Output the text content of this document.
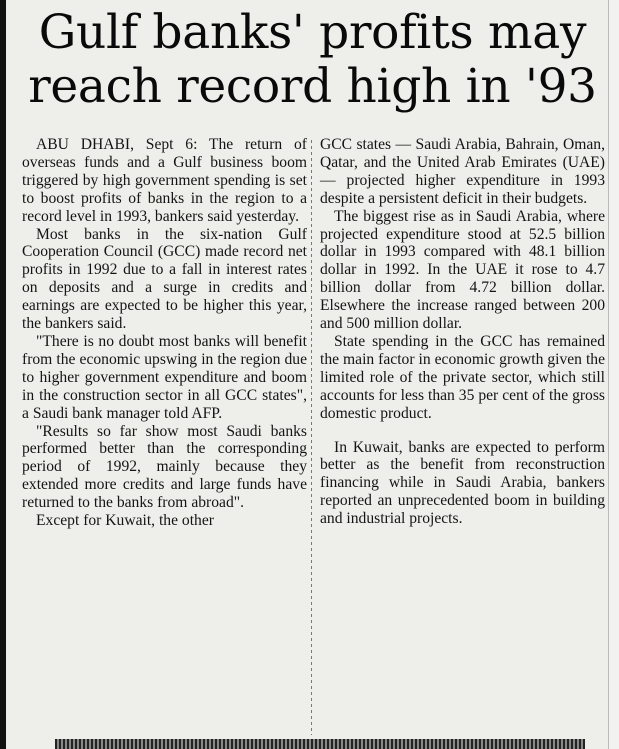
Gulf banks' profits may
reach record high in '93

ABU DHABI, Sept 6: The return of overseas funds and a Gulf business boom triggered by high government spending is set to boost profits of banks in the region to a record level in 1993, bankers said yesterday.

Most banks in the six-nation Gulf Cooperation Council (GCC) made record net profits in 1992 due to a fall in interest rates on deposits and a surge in credits and earnings are expected to be higher this year, the bankers said.

"There is no doubt most banks will benefit from the economic upswing in the region due to higher government expenditure and boom in the construction sector in all GCC states", a Saudi bank manager told AFP.

"Results so far show most Saudi banks performed better than the corresponding period of 1992, mainly because they extended more credits and large funds have returned to the banks from abroad".

Except for Kuwait, the other

GCC states — Saudi Arabia, Bahrain, Oman, Qatar, and the United Arab Emirates (UAE) — projected higher expenditure in 1993 despite a persistent deficit in their budgets.

The biggest rise as in Saudi Arabia, where projected expenditure stood at 52.5 billion dollar in 1993 compared with 48.1 billion dollar in 1992. In the UAE it rose to 4.7 billion dollar from 4.72 billion dollar. Elsewhere the increase ranged between 200 and 500 million dollar.

State spending in the GCC has remained the main factor in economic growth given the limited role of the private sector, which still accounts for less than 35 per cent of the gross domestic product.

In Kuwait, banks are expected to perform better as the benefit from reconstruction financing while in Saudi Arabia, bankers reported an unprecedented boom in building and industrial projects.
